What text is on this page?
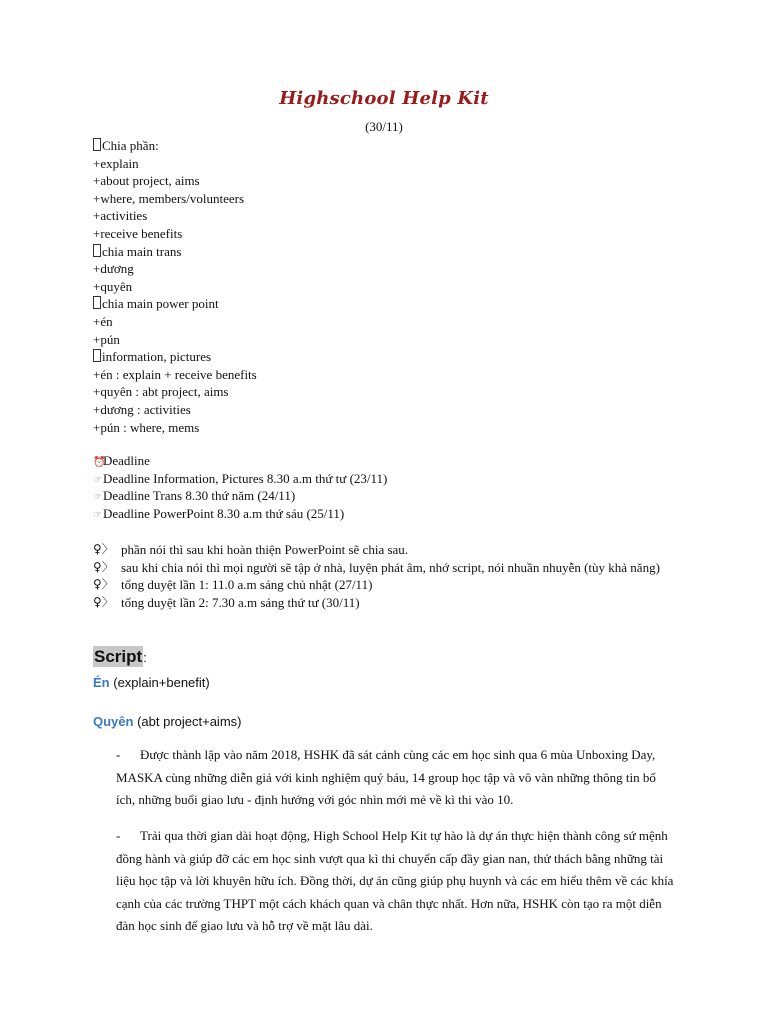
Highschool Help Kit
(30/11)
Chia phần:
+explain
+about project, aims
+where, members/volunteers
+activities
+receive benefits
chia main trans
+dương
+quyên
chia main power point
+én
+pún
information, pictures
+én : explain + receive benefits
+quyên : abt project, aims
+dương : activities
+pún : where, mems
⏰Deadline
☞Deadline Information, Pictures 8.30 a.m thứ tư (23/11)
☞Deadline Trans 8.30 thứ năm (24/11)
☞Deadline PowerPoint 8.30 a.m thứ sáu (25/11)
♀〉 phần nói thì sau khi hoàn thiện PowerPoint sẽ chia sau.
♀〉 sau khi chia nói thì mọi người sẽ tập ở nhà, luyện phát âm, nhớ script, nói nhuần nhuyễn (tùy khả năng)
♀〉 tổng duyệt lần 1: 11.0 a.m sáng chủ nhật (27/11)
♀〉 tổng duyệt lần 2: 7.30 a.m sáng thứ tư (30/11)
Script:
Én (explain+benefit)
Quyên (abt project+aims)
- Được thành lập vào năm 2018, HSHK đã sát cánh cùng các em học sinh qua 6 mùa Unboxing Day, MASKA cùng những diễn giả với kinh nghiệm quý báu, 14 group học tập và vô vàn những thông tin bổ ích, những buổi giao lưu - định hướng với góc nhìn mới mẻ về kì thi vào 10.
- Trải qua thời gian dài hoạt động, High School Help Kit tự hào là dự án thực hiện thành công sứ mệnh đồng hành và giúp đỡ các em học sinh vượt qua kì thi chuyển cấp đầy gian nan, thử thách bằng những tài liệu học tập và lời khuyên hữu ích. Đồng thời, dự án cũng giúp phụ huynh và các em hiểu thêm về các khía cạnh của các trường THPT một cách khách quan và chân thực nhất. Hơn nữa, HSHK còn tạo ra một diễn đàn học sinh để giao lưu và hỗ trợ về mặt lâu dài.
